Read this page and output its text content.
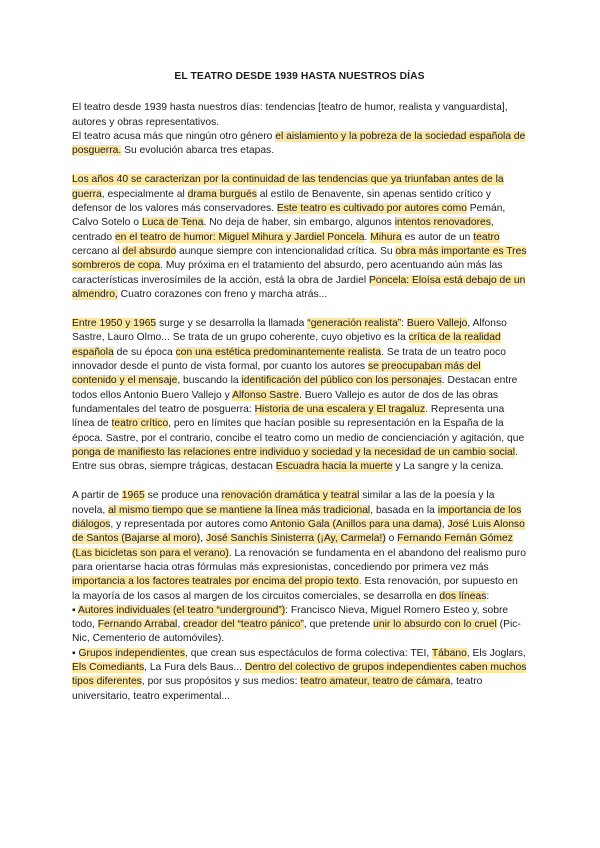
EL TEATRO DESDE 1939 HASTA NUESTROS DÍAS

El teatro desde 1939 hasta nuestros días: tendencias [teatro de humor, realista y vanguardista], autores y obras representativos.

El teatro acusa más que ningún otro género el aislamiento y la pobreza de la sociedad española de posguerra. Su evolución abarca tres etapas.

Los años 40 se caracterizan por la continuidad de las tendencias que ya triunfaban antes de la guerra, especialmente al drama burgués al estilo de Benavente, sin apenas sentido crítico y defensor de los valores más conservadores. Este teatro es cultivado por autores como Pemán, Calvo Sotelo o Luca de Tena. No deja de haber, sin embargo, algunos intentos renovadores, centrado en el teatro de humor: Miguel Mihura y Jardiel Poncela. Mihura es autor de un teatro cercano al del absurdo aunque siempre con intencionalidad crítica. Su obra más importante es Tres sombreros de copa. Muy próxima en el tratamiento del absurdo, pero acentuando aún más las características inverosímiles de la acción, está la obra de Jardiel Poncela: Eloísa está debajo de un almendro, Cuatro corazones con freno y marcha atrás...

Entre 1950 y 1965 surge y se desarrolla la llamada “generación realista”: Buero Vallejo, Alfonso Sastre, Lauro Olmo... Se trata de un grupo coherente, cuyo objetivo es la crítica de la realidad española de su época con una estética predominantemente realista. Se trata de un teatro poco innovador desde el punto de vista formal, por cuanto los autores se preocupaban más del contenido y el mensaje, buscando la identificación del público con los personajes. Destacan entre todos ellos Antonio Buero Vallejo y Alfonso Sastre. Buero Vallejo es autor de dos de las obras fundamentales del teatro de posguerra: Historia de una escalera y El tragaluz. Representa una línea de teatro crítico, pero en límites que hacían posible su representación en la España de la época. Sastre, por el contrario, concibe el teatro como un medio de concienciación y agitación, que ponga de manifiesto las relaciones entre individuo y sociedad y la necesidad de un cambio social. Entre sus obras, siempre trágicas, destacan Escuadra hacia la muerte y La sangre y la ceniza.

A partir de 1965 se produce una renovación dramática y teatral similar a las de la poesía y la novela, al mismo tiempo que se mantiene la línea más tradicional, basada en la importancia de los diálogos, y representada por autores como Antonio Gala (Anillos para una dama), José Luis Alonso de Santos (Bajarse al moro), José Sanchís Sinisterra (¡Ay, Carmela!) o Fernando Fernán Gómez (Las bicicletas son para el verano). La renovación se fundamenta en el abandono del realismo puro para orientarse hacia otras fórmulas más expresionistas, concediendo por primera vez más importancia a los factores teatrales por encima del propio texto. Esta renovación, por supuesto en la mayoría de los casos al margen de los circuitos comerciales, se desarrolla en dos líneas:

▪ Autores individuales (el teatro “underground”): Francisco Nieva, Miguel Romero Esteo y, sobre todo, Fernando Arrabal, creador del “teatro pánico”, que pretende unir lo absurdo con lo cruel (Pic-Nic, Cementerio de automóviles).

▪ Grupos independientes, que crean sus espectáculos de forma colectiva: TEI, Tábano, Els Joglars, Els Comediants, La Fura dels Baus... Dentro del colectivo de grupos independientes caben muchos tipos diferentes, por sus propósitos y sus medios: teatro amateur, teatro de cámara, teatro universitario, teatro experimental...
